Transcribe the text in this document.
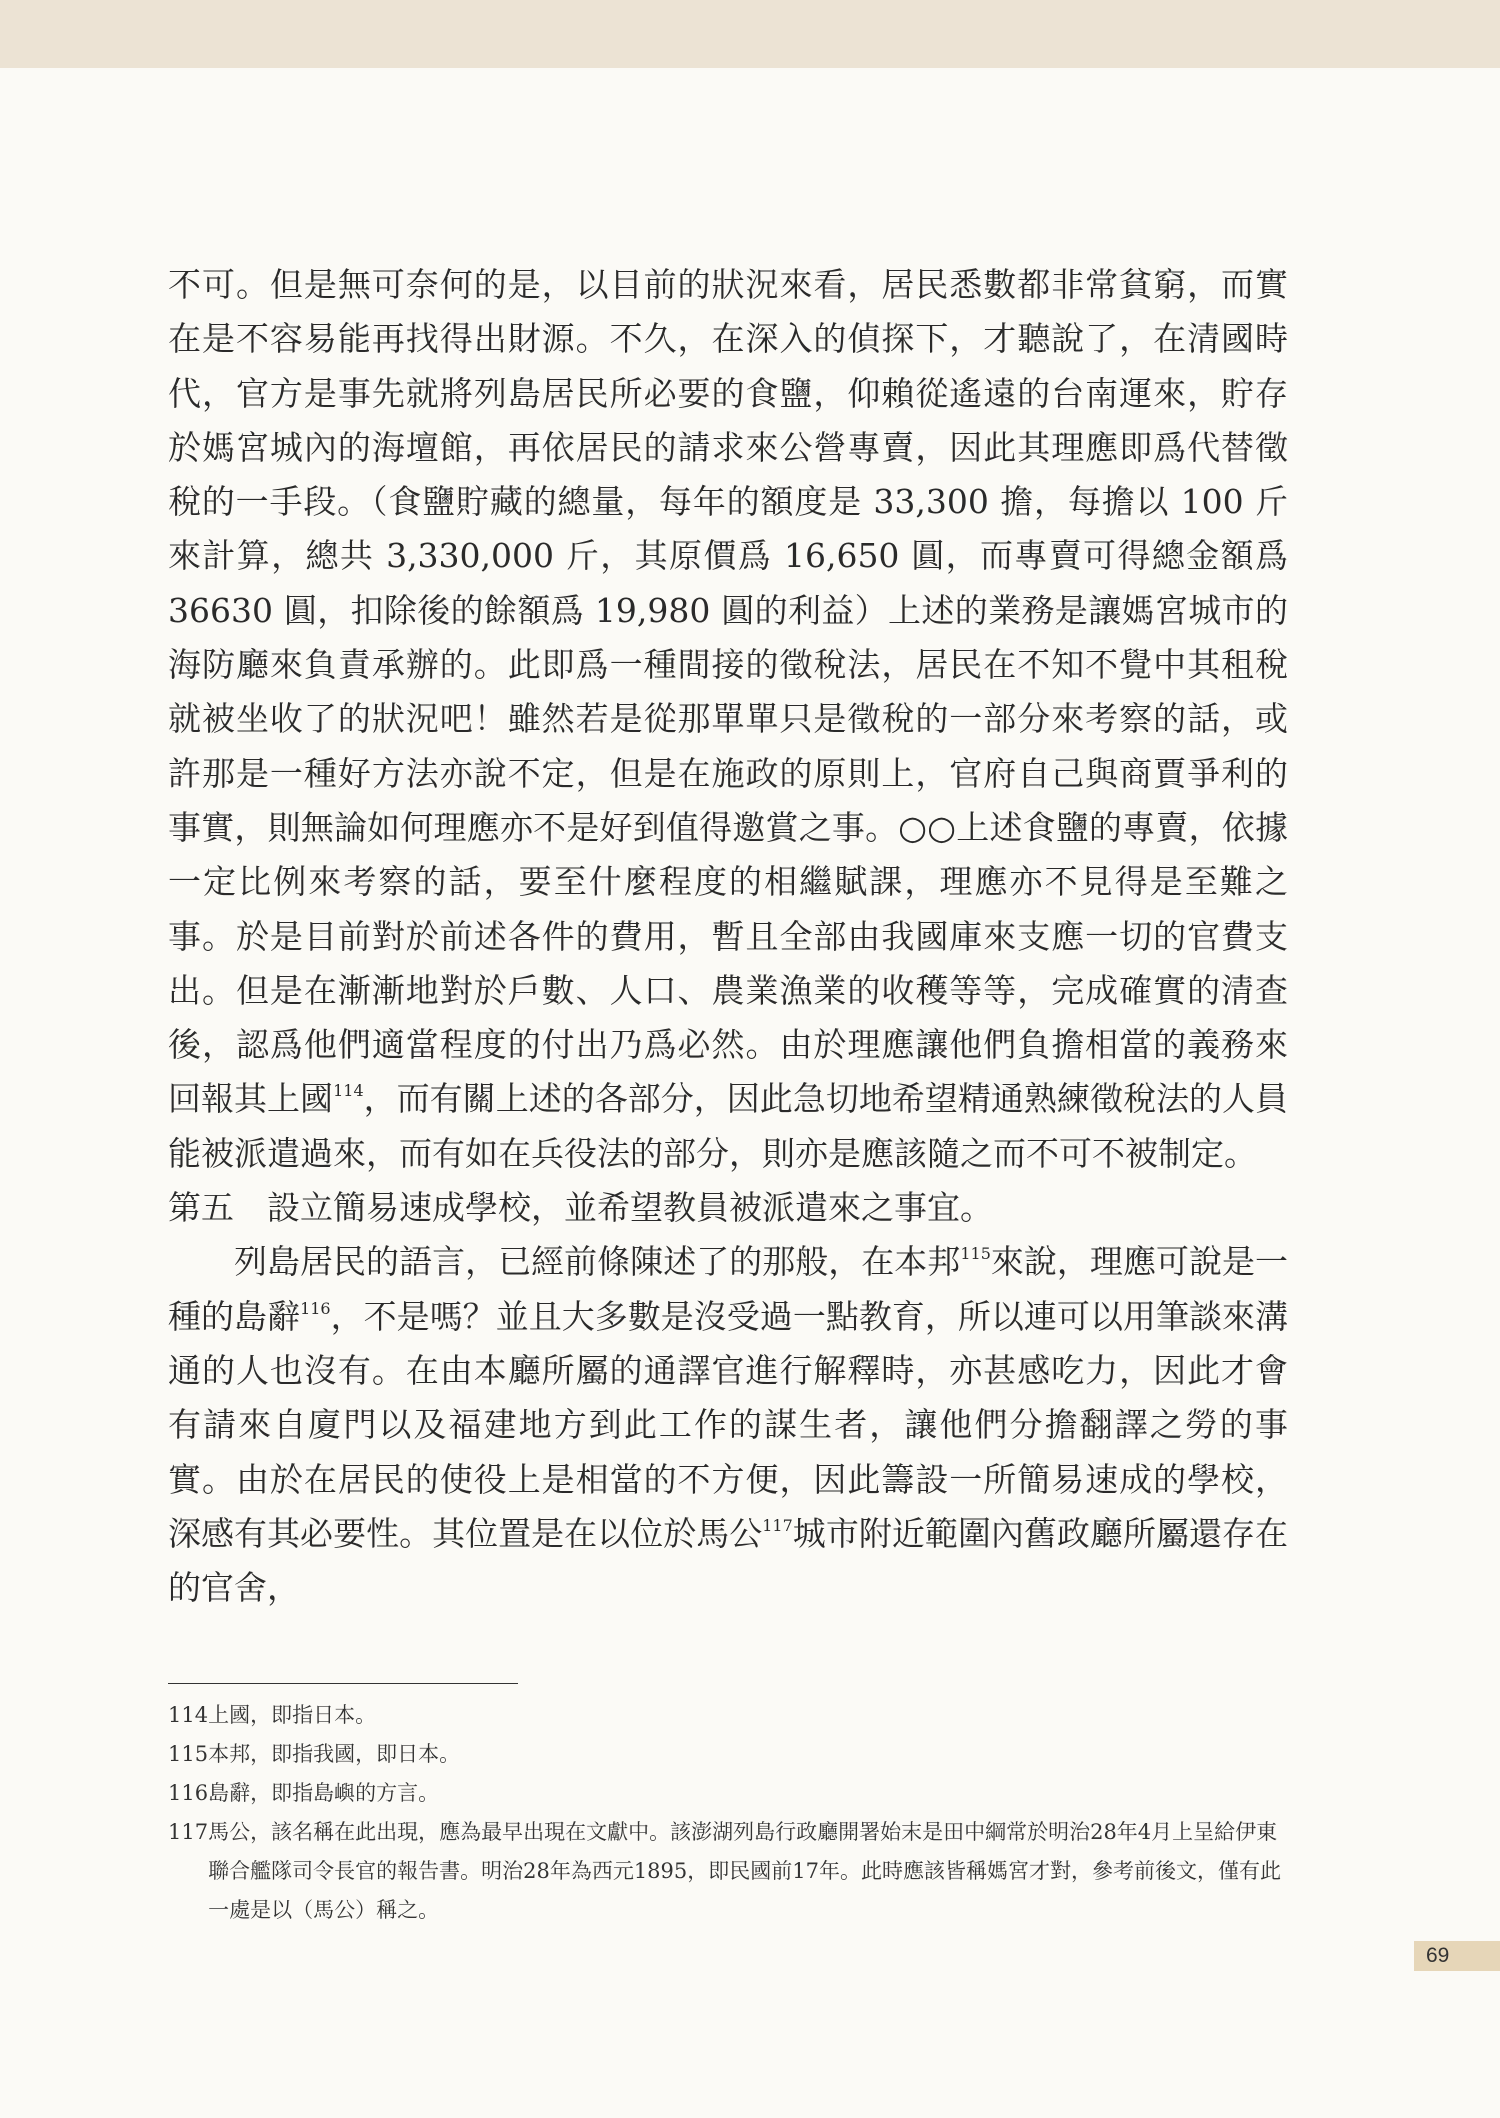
不可。但是無可奈何的是，以目前的狀況來看，居民悉數都非常貧窮，而實在是不容易能再找得出財源。不久，在深入的偵探下，才聽說了，在清國時代，官方是事先就將列島居民所必要的食鹽，仰賴從遙遠的台南運來，貯存於媽宮城內的海壇館，再依居民的請求來公營專賣，因此其理應即爲代替徵稅的一手段。（食鹽貯藏的總量，每年的額度是 33,300 擔，每擔以 100 斤來計算，總共 3,330,000 斤，其原價爲 16,650 圓，而專賣可得總金額爲 36630 圓，扣除後的餘額爲 19,980 圓的利益）上述的業務是讓媽宮城市的海防廳來負責承辦的。此即爲一種間接的徵稅法，居民在不知不覺中其租稅就被坐收了的狀況吧！雖然若是從那單單只是徵稅的一部分來考察的話，或許那是一種好方法亦說不定，但是在施政的原則上，官府自己與商賈爭利的事實，則無論如何理應亦不是好到值得邀賞之事。○○上述食鹽的專賣，依據一定比例來考察的話，要至什麼程度的相繼賦課，理應亦不見得是至難之事。於是目前對於前述各件的費用，暫且全部由我國庫來支應一切的官費支出。但是在漸漸地對於戶數、人口、農業漁業的收穫等等，完成確實的清查後，認爲他們適當程度的付出乃爲必然。由於理應讓他們負擔相當的義務來回報其上國$^{114}$，而有關上述的各部分，因此急切地希望精通熟練徵稅法的人員能被派遣過來，而有如在兵役法的部分，則亦是應該隨之而不可不被制定。

第五　設立簡易速成學校，並希望教員被派遣來之事宜。

列島居民的語言，已經前條陳述了的那般，在本邦$^{115}$來說，理應可說是一種的島辭$^{116}$，不是嗎？並且大多數是沒受過一點教育，所以連可以用筆談來溝通的人也沒有。在由本廳所屬的通譯官進行解釋時，亦甚感吃力，因此才會有請來自廈門以及福建地方到此工作的謀生者，讓他們分擔翻譯之勞的事實。由於在居民的使役上是相當的不方便，因此籌設一所簡易速成的學校，深感有其必要性。其位置是在以位於馬公$^{117}$城市附近範圍內舊政廳所屬還存在的官舍，

114 上國，即指日本。
115 本邦，即指我國，即日本。
116 島辭，即指島嶼的方言。
117 馬公，該名稱在此出現，應為最早出現在文獻中。該澎湖列島行政廳開署始末是田中綱常於明治28年4月上呈給伊東聯合艦隊司令長官的報告書。明治28年為西元1895，即民國前17年。此時應該皆稱媽宮才對，參考前後文，僅有此一處是以（馬公）稱之。
69
